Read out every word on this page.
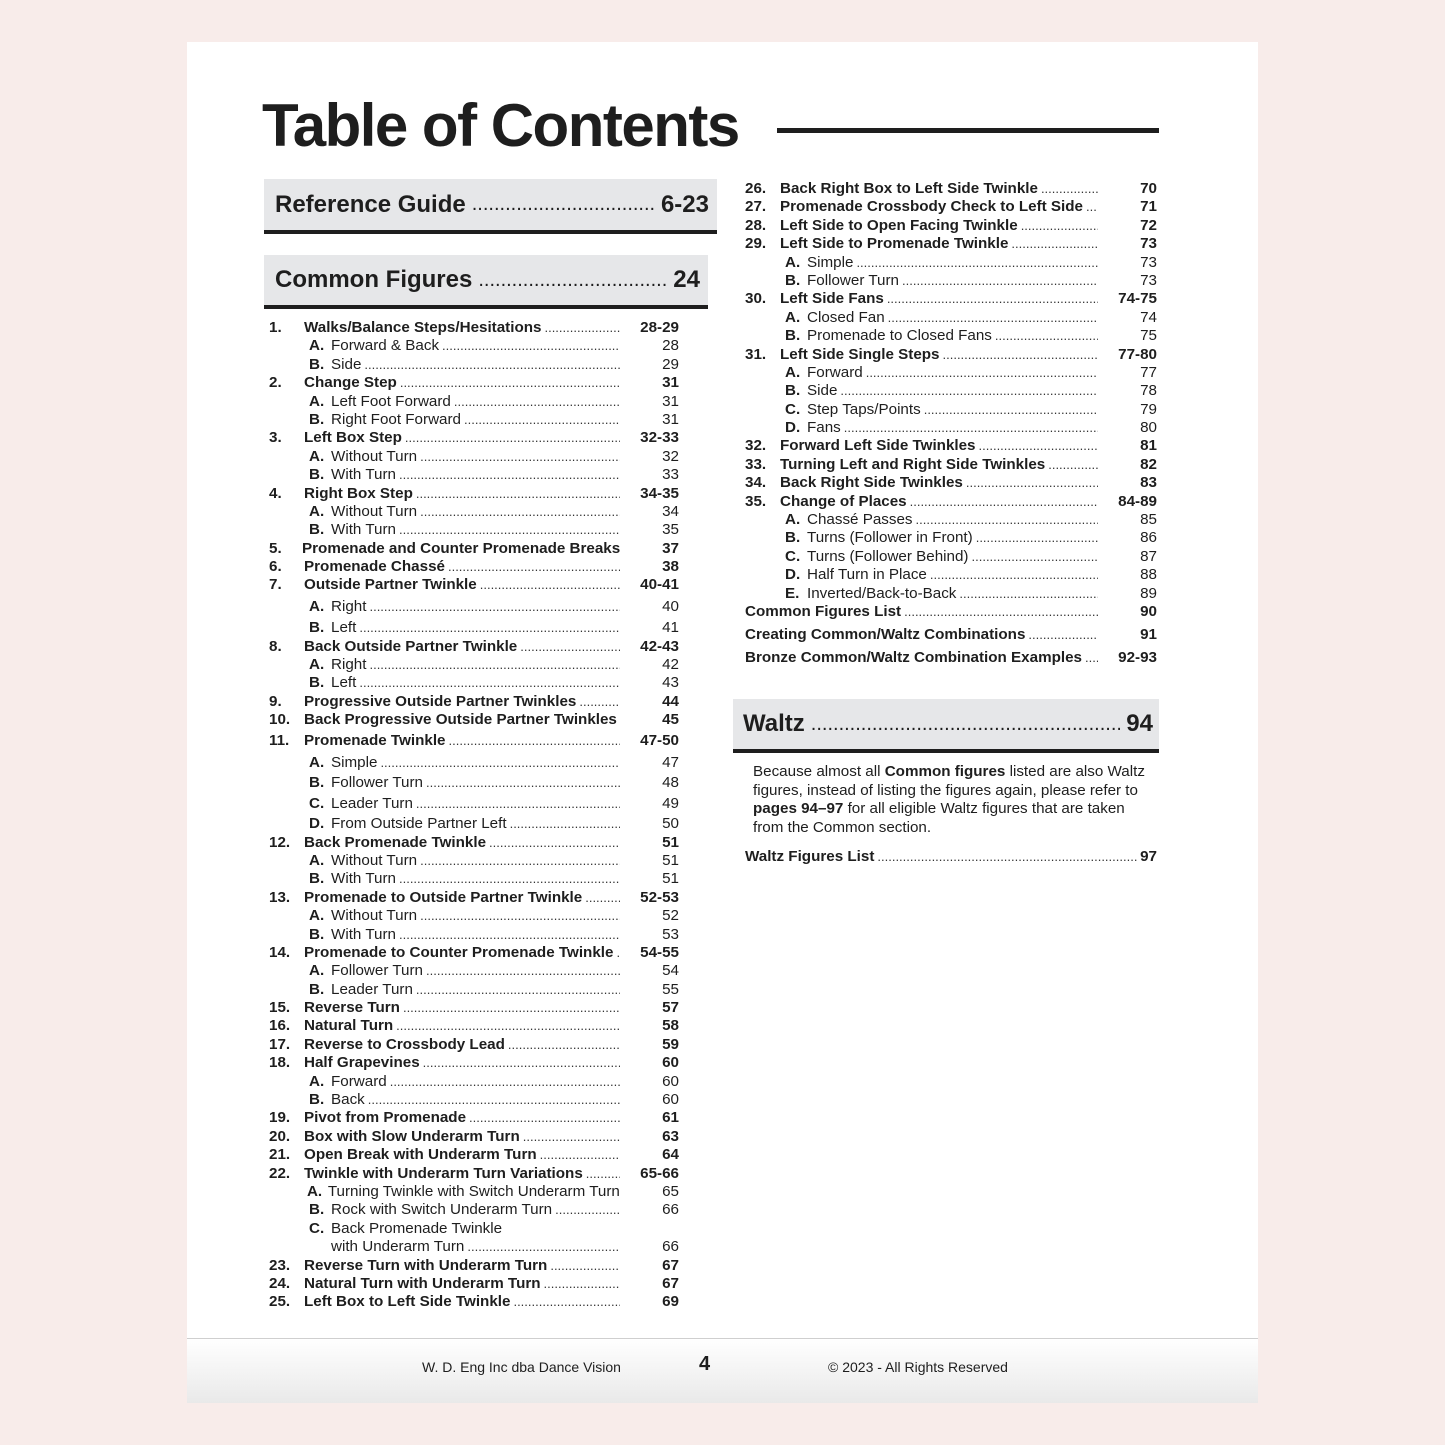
Table of Contents
Reference Guide .....	6-23
Common Figures .....	24
1.	Walks/Balance Steps/Hesitations .....	28-29
A. Forward & Back .....	28
B. Side .....	29
2.	Change Step .....	31
A. Left Foot Forward .....	31
B. Right Foot Forward .....	31
3.	Left Box Step .....	32-33
A. Without Turn .....	32
B. With Turn .....	33
4.	Right Box Step .....	34-35
A. Without Turn .....	34
B. With Turn .....	35
5.	Promenade and Counter Promenade Breaks	37
6.	Promenade Chassé .....	38
7.	Outside Partner Twinkle .....	40-41
A. Right .....	40
B. Left .....	41
8.	Back Outside Partner Twinkle .....	42-43
A. Right .....	42
B. Left .....	43
9.	Progressive Outside Partner Twinkles .....	44
10. Back Progressive Outside Partner Twinkles .....	45
11. Promenade Twinkle .....	47-50
A. Simple .....	47
B. Follower Turn .....	48
C. Leader Turn .....	49
D. From Outside Partner Left .....	50
12. Back Promenade Twinkle .....	51
A. Without Turn .....	51
B. With Turn .....	51
13. Promenade to Outside Partner Twinkle .....	52-53
A. Without Turn .....	52
B. With Turn .....	53
14. Promenade to Counter Promenade Twinkle .....	54-55
A. Follower Turn .....	54
B. Leader Turn .....	55
15. Reverse Turn .....	57
16. Natural Turn .....	58
17. Reverse to Crossbody Lead .....	59
18. Half Grapevines .....	60
A. Forward .....	60
B. Back .....	60
19. Pivot from Promenade .....	61
20. Box with Slow Underarm Turn .....	63
21. Open Break with Underarm Turn .....	64
22. Twinkle with Underarm Turn Variations .....	65-66
A. Turning Twinkle with Switch Underarm Turn	65
B. Rock with Switch Underarm Turn .....	66
C. Back Promenade Twinkle
with Underarm Turn .....	66
23. Reverse Turn with Underarm Turn .....	67
24. Natural Turn with Underarm Turn .....	67
25. Left Box to Left Side Twinkle .....	69
26. Back Right Box to Left Side Twinkle .....	70
27. Promenade Crossbody Check to Left Side .....	71
28. Left Side to Open Facing Twinkle .....	72
29. Left Side to Promenade Twinkle .....	73
A. Simple .....	73
B. Follower Turn .....	73
30. Left Side Fans .....	74-75
A. Closed Fan .....	74
B. Promenade to Closed Fans .....	75
31. Left Side Single Steps .....	77-80
A. Forward .....	77
B. Side .....	78
C. Step Taps/Points .....	79
D. Fans .....	80
32. Forward Left Side Twinkles .....	81
33. Turning Left and Right Side Twinkles .....	82
34. Back Right Side Twinkles .....	83
35. Change of Places .....	84-89
A. Chassé Passes .....	85
B. Turns (Follower in Front) .....	86
C. Turns (Follower Behind) .....	87
D. Half Turn in Place .....	88
E. Inverted/Back-to-Back .....	89
Common Figures List .....	90
Creating Common/Waltz Combinations .....	91
Bronze Common/Waltz Combination Examples .....	92-93
Waltz .....	94
Because almost all Common figures listed are also Waltz figures, instead of listing the figures again, please refer to pages 94–97 for all eligible Waltz figures that are taken from the Common section.
Waltz Figures List .....	97
W. D. Eng Inc dba Dance Vision	4	© 2023 - All Rights Reserved
